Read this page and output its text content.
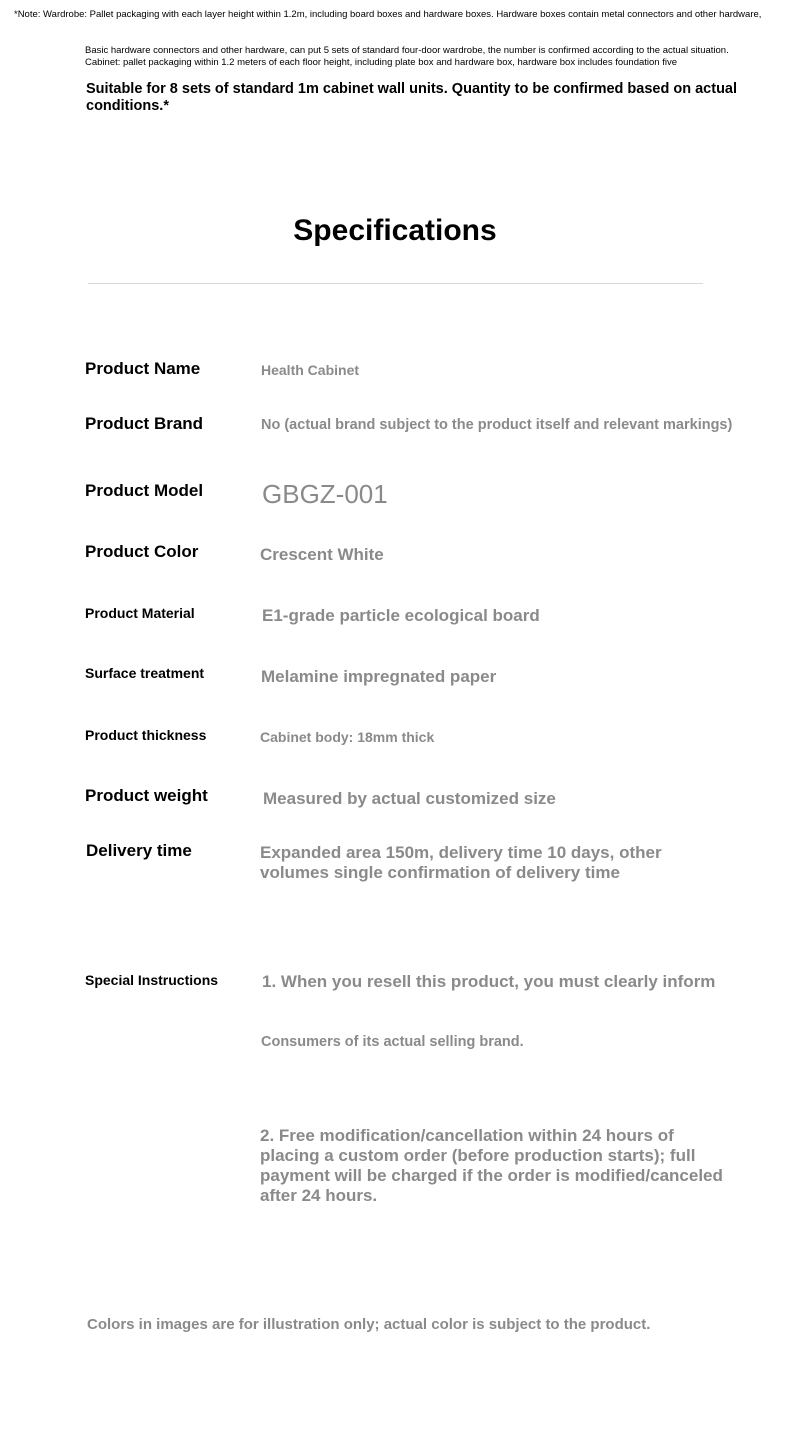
*Note: Wardrobe: Pallet packaging with each layer height within 1.2m, including board boxes and hardware boxes. Hardware boxes contain metal connectors and other hardware,
Basic hardware connectors and other hardware, can put 5 sets of standard four-door wardrobe, the number is confirmed according to the actual situation.
Cabinet: pallet packaging within 1.2 meters of each floor height, including plate box and hardware box, hardware box includes foundation five
Suitable for 8 sets of standard 1m cabinet wall units. Quantity to be confirmed based on actual conditions.*
Specifications
Product Name
Product Brand
Product Model
Product Color
Product Material
Surface treatment
Product thickness
Product weight
Delivery time
Special Instructions
Health Cabinet
No (actual brand subject to the product itself and relevant markings)
GBGZ-001
Crescent White
E1-grade particle ecological board
Melamine impregnated paper
Cabinet body: 18mm thick
Measured by actual customized size
Expanded area 150m, delivery time 10 days, other volumes single confirmation of delivery time
1. When you resell this product, you must clearly inform
Consumers of its actual selling brand.
2. Free modification/cancellation within 24 hours of placing a custom order (before production starts); full payment will be charged if the order is modified/canceled after 24 hours.
Colors in images are for illustration only; actual color is subject to the product.
